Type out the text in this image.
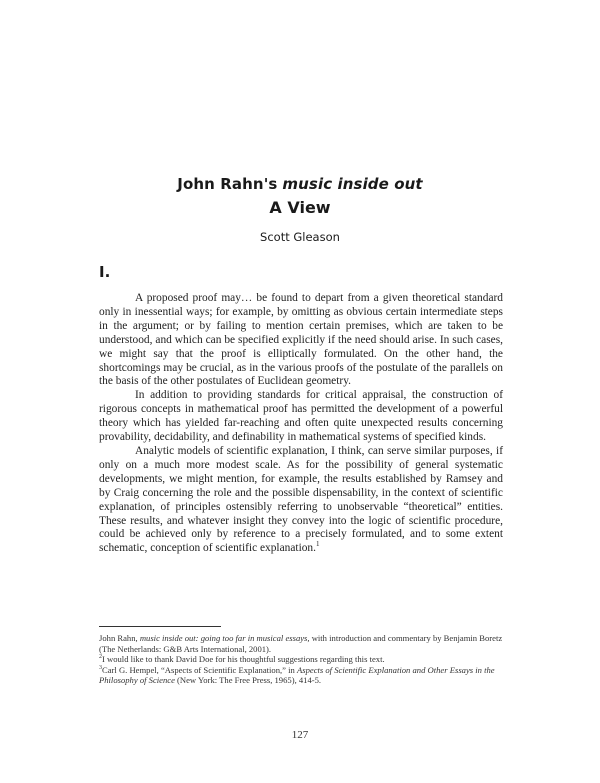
John Rahn's music inside out
A View
Scott Gleason
I.

A proposed proof may… be found to depart from a given theoretical standard only in inessential ways; for example, by omitting as obvious certain intermediate steps in the argument; or by failing to mention certain premises, which are taken to be understood, and which can be specified explicitly if the need should arise. In such cases, we might say that the proof is elliptically formulated. On the other hand, the shortcomings may be crucial, as in the various proofs of the postulate of the parallels on the basis of the other postulates of Euclidean geometry.

In addition to providing standards for critical appraisal, the construction of rigorous concepts in mathematical proof has permitted the development of a powerful theory which has yielded far-reaching and often quite unexpected results concerning provability, decidability, and definability in mathematical systems of specified kinds.

Analytic models of scientific explanation, I think, can serve similar purposes, if only on a much more modest scale. As for the possibility of general systematic developments, we might mention, for example, the results established by Ramsey and by Craig concerning the role and the possible dispensability, in the context of scientific explanation, of principles ostensibly referring to unobservable “theoretical” entities. These results, and whatever insight they convey into the logic of scientific procedure, could be achieved only by reference to a precisely formulated, and to some extent schematic, conception of scientific explanation.$^1$

John Rahn, music inside out: going too far in musical essays, with introduction and commentary by Benjamin Boretz (The Netherlands: G&B Arts International, 2001).
$^2$I would like to thank David Doe for his thoughtful suggestions regarding this text.
$^3$Carl G. Hempel, “Aspects of Scientific Explanation,” in Aspects of Scientific Explanation and Other Essays in the Philosophy of Science (New York: The Free Press, 1965), 414-5.
127
